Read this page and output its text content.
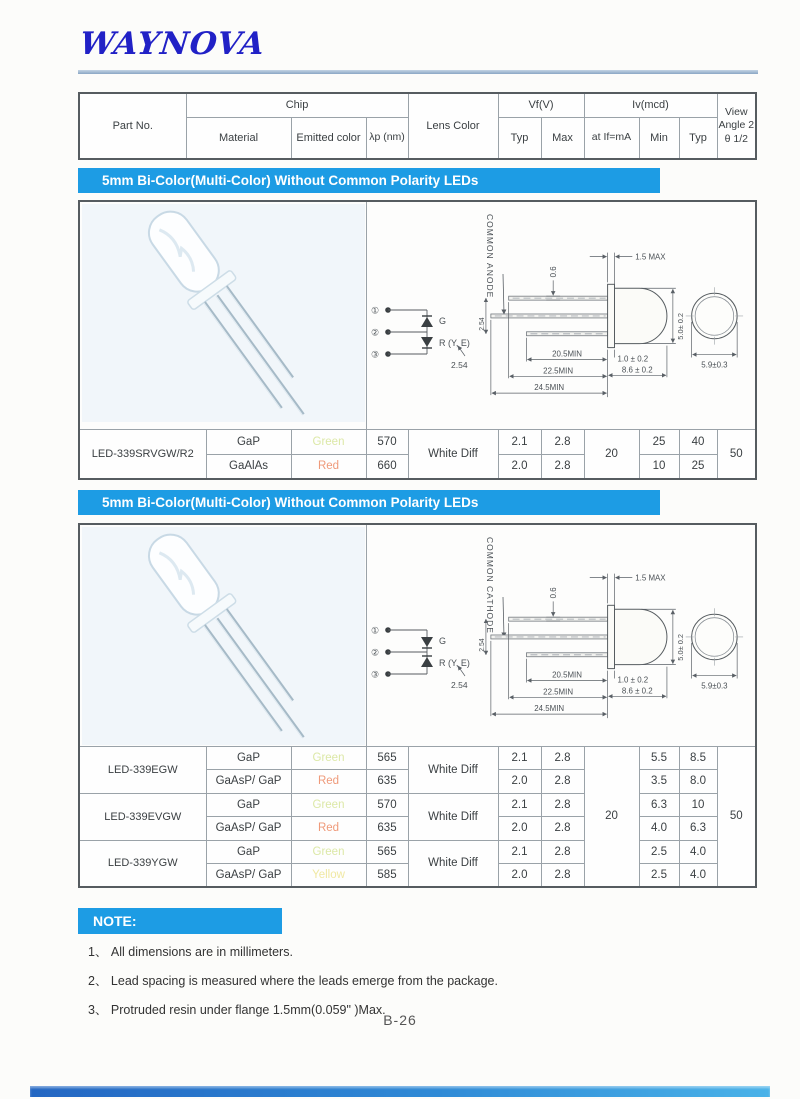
WAYNOVA
Part No.	Chip			Lens Color	Vf(V)		Iv(mcd)			View Angle 2 θ 1/2
	Material	Emitted color	λp (nm)		Typ	Max	at If=mA	Min	Typ	
5mm Bi-Color(Multi-Color) Without Common Polarity LEDs

COMMON ANODE
①
②
③
G
R (Y, E)
2.54

LED-339SRVGW/R2	GaP	Green	570	White Diff	2.1	2.8	20	25	40	50
	GaAlAs	Red	660		2.0	2.8		10	25	
5mm Bi-Color(Multi-Color) Without Common Polarity LEDs

COMMON CATHODE
①
②
③
G
R (Y, E)
2.54

LED-339EGW	GaP	Green	565	White Diff	2.1	2.8	20	5.5	8.5	50
	GaAsP/ GaP	Red	635		2.0	2.8		3.5	8.0	
LED-339EVGW	GaP	Green	570	White Diff	2.1	2.8		6.3	10	
	GaAsP/ GaP	Red	635		2.0	2.8		4.0	6.3	
LED-339YGW	GaP	Green	565	White Diff	2.1	2.8		2.5	4.0	
	GaAsP/ GaP	Yellow	585		2.0	2.8		2.5	4.0	
NOTE:
1、 All dimensions are in millimeters.
2、 Lead spacing is measured where the leads emerge from the package.
3、 Protruded resin under flange 1.5mm(0.059" )Max.
B-26
